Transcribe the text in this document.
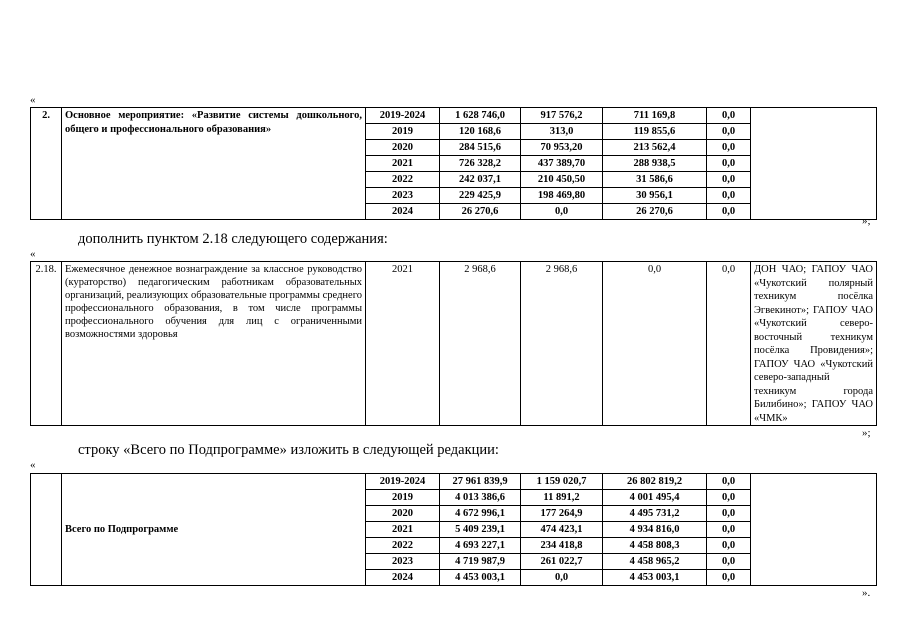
«
2.	Основное мероприятие: «Развитие системы дошкольного, общего и профессионального образования»	2019-2024	1 628 746,0	917 576,2	711 169,8	0,0	
		2019	120 168,6	313,0	119 855,6	0,0	
		2020	284 515,6	70 953,20	213 562,4	0,0	
		2021	726 328,2	437 389,70	288 938,5	0,0	
		2022	242 037,1	210 450,50	31 586,6	0,0	
		2023	229 425,9	198 469,80	30 956,1	0,0	
		2024	26 270,6	0,0	26 270,6	0,0	
»;
дополнить пунктом 2.18 следующего содержания:
«
2.18.	Ежемесячное денежное вознаграждение за классное руководство (кураторство) педагогическим работникам образовательных организаций, реализующих образовательные программы среднего профессионального образования, в том числе программы профессионального обучения для лиц с ограниченными возможностями здоровья	2021	2 968,6	2 968,6	0,0	0,0	ДОН ЧАО; ГАПОУ ЧАО «Чукотский полярный техникум посёлка Эгвекинот»; ГАПОУ ЧАО «Чукотский северо-восточный техникум посёлка Провидения»; ГАПОУ ЧАО «Чукотский северо-западный техникум города Билибино»; ГАПОУ ЧАО «ЧМК»
»;
строку «Всего по Подпрограмме» изложить в следующей редакции:
«
	Всего по Подпрограмме	2019-2024	27 961 839,9	1 159 020,7	26 802 819,2	0,0	
		2019	4 013 386,6	11 891,2	4 001 495,4	0,0	
		2020	4 672 996,1	177 264,9	4 495 731,2	0,0	
		2021	5 409 239,1	474 423,1	4 934 816,0	0,0	
		2022	4 693 227,1	234 418,8	4 458 808,3	0,0	
		2023	4 719 987,9	261 022,7	4 458 965,2	0,0	
		2024	4 453 003,1	0,0	4 453 003,1	0,0	
».
